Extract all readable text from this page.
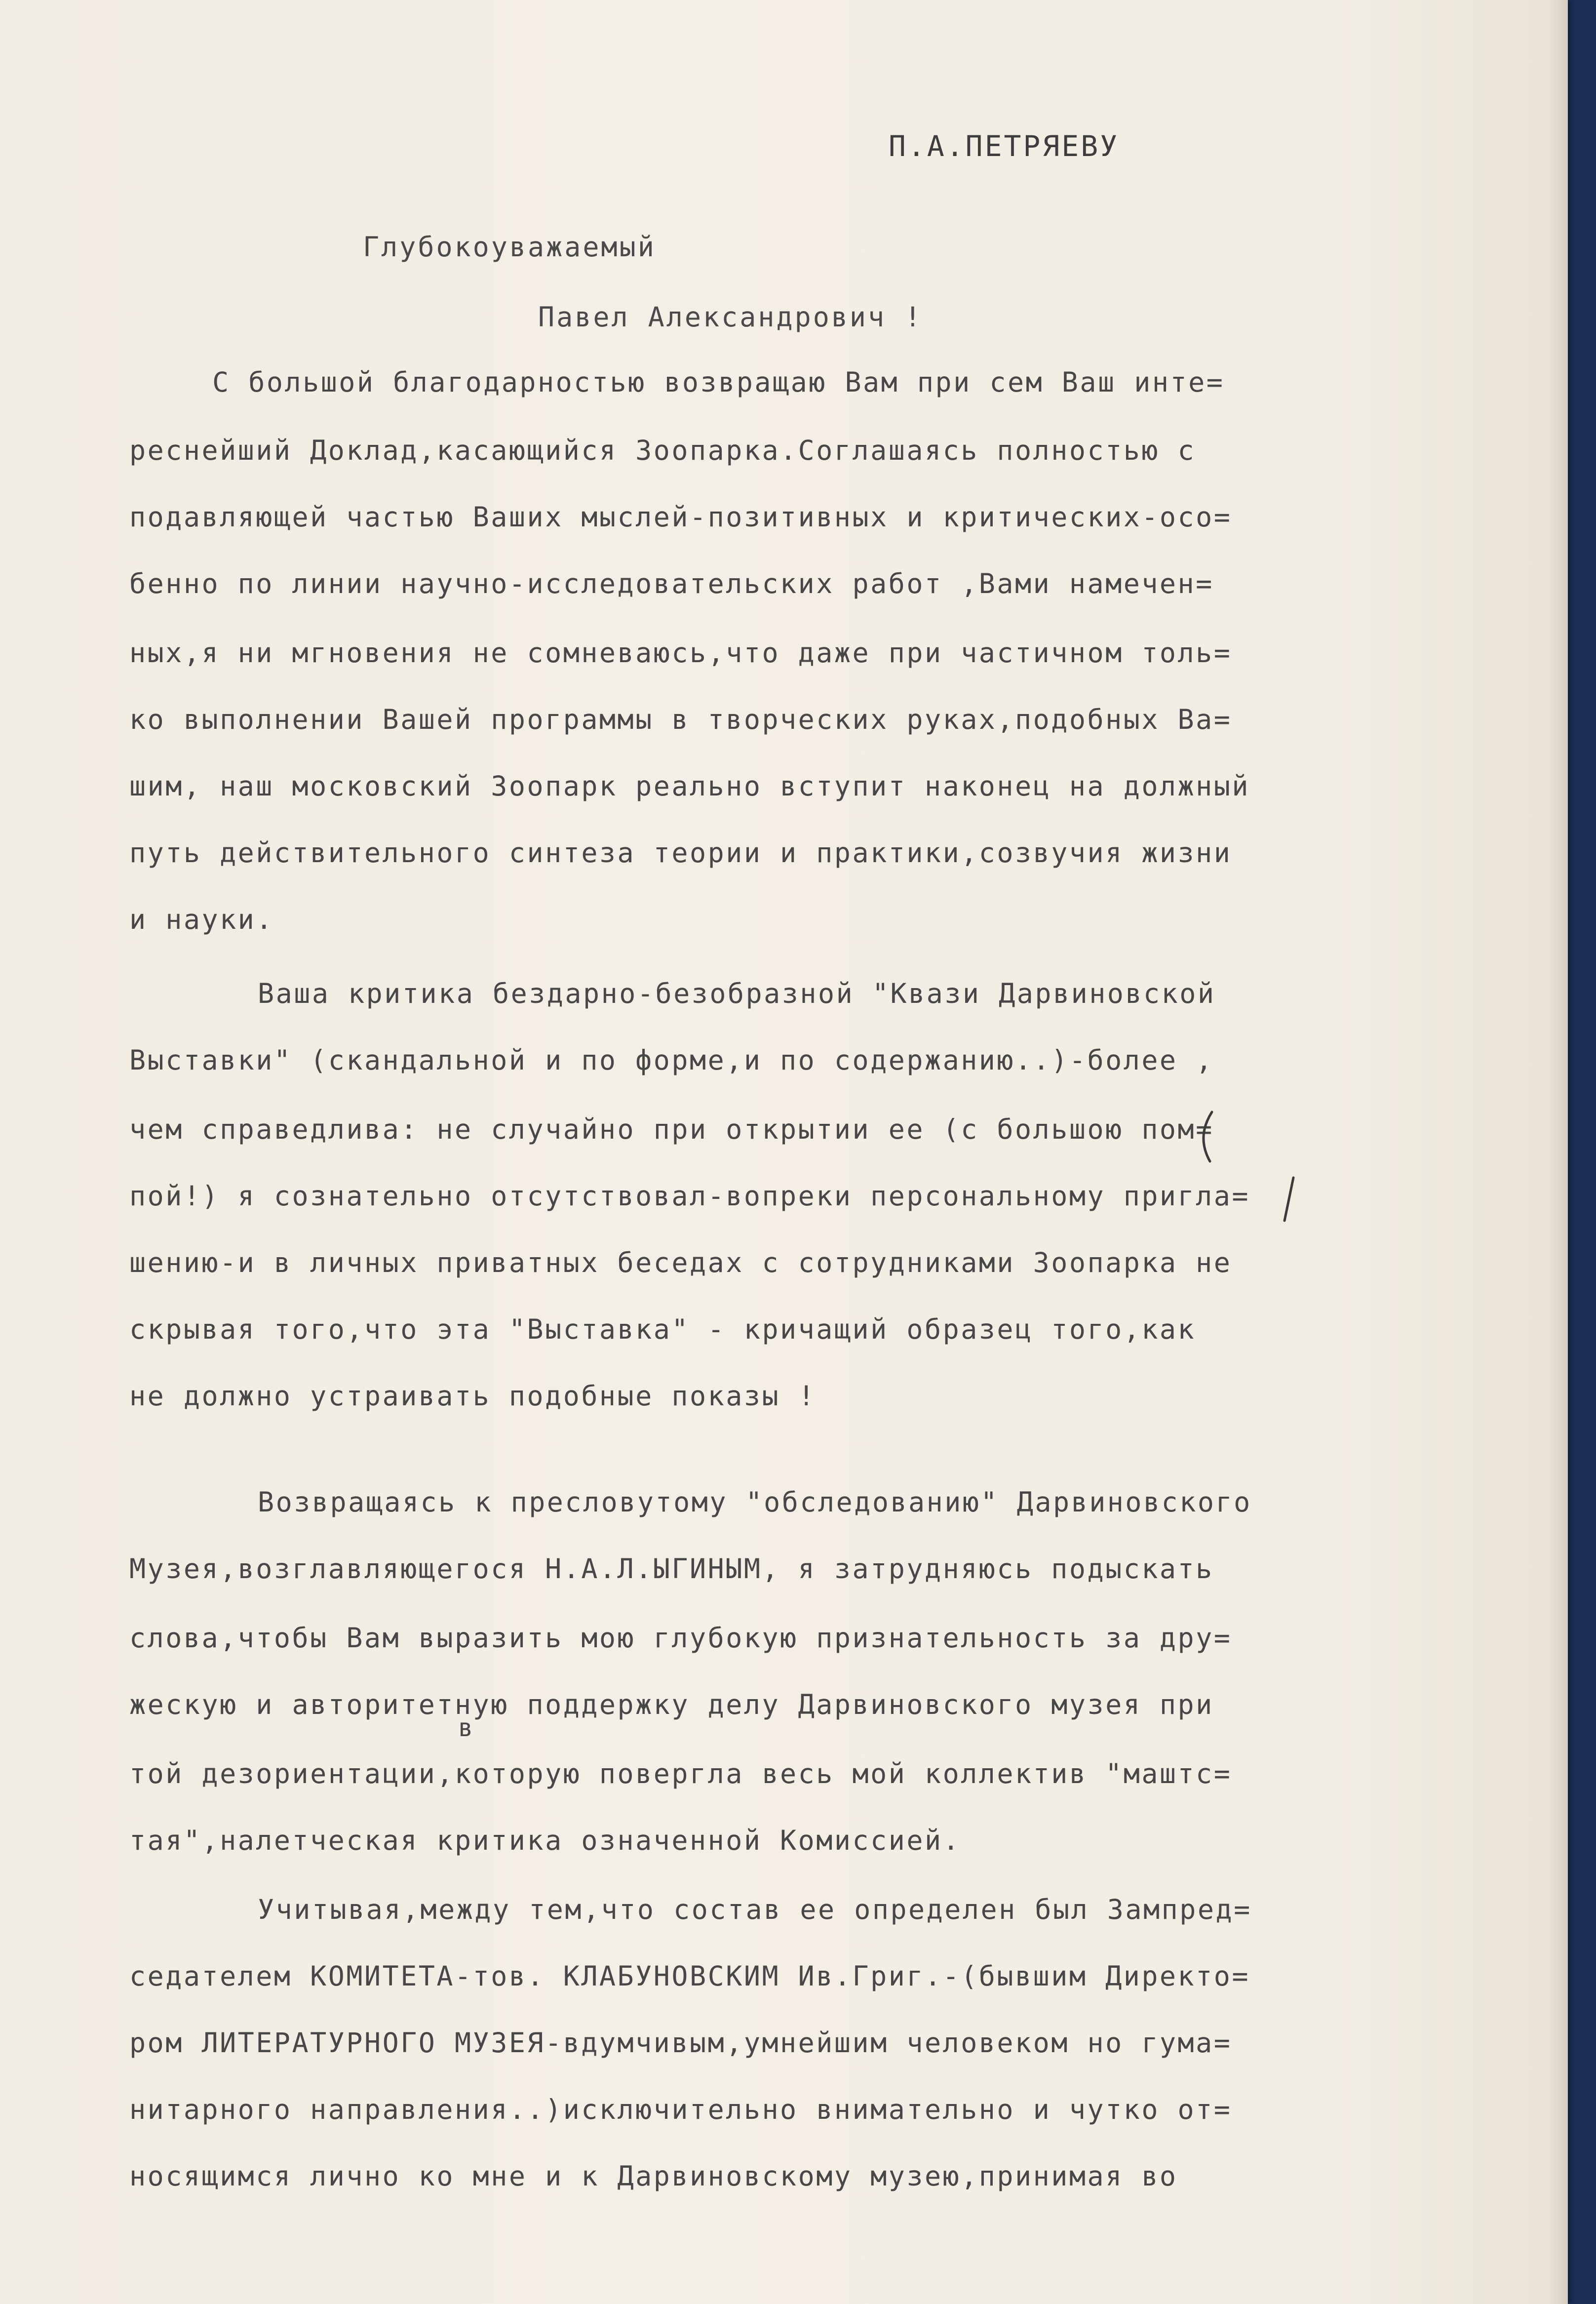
П.А.ПЕТРЯЕВУ

Глубокоуважаемый

Павел Александрович !

С большой благодарностью возвращаю Вам при сем Ваш инте=

реснейший Доклад,касающийся Зоопарка.Соглашаясь полностью с

подавляющей частью Ваших мыслей-позитивных и критических-осо=

бенно по линии научно-исследовательских работ ,Вами намечен=

ных,я ни мгновения не сомневаюсь,что даже при частичном толь=

ко выполнении Вашей программы в творческих руках,подобных Ва=

шим, наш московский Зоопарк реально вступит наконец на должный

путь действительного синтеза теории и практики,созвучия жизни

и науки.

Ваша критика бездарно-безобразной "Квази Дарвиновской

Выставки" (скандальной и по форме,и по содержанию..)-более ,

чем справедлива: не случайно при открытии ее (с большою пом=

пой!) я сознательно отсутствовал-вопреки персональному пригла=

шению-и в личных приватных беседах с сотрудниками Зоопарка не

скрывая того,что эта "Выставка" - кричащий образец того,как

не должно устраивать подобные показы !

Возвращаясь к пресловутому "обследованию" Дарвиновского

Музея,возглавляющегося Н.А.Л.ЫГИНЫМ, я затрудняюсь подыскать

слова,чтобы Вам выразить мою глубокую признательность за дру=

жескую и авторитетную поддержку делу Дарвиновского музея при

той дезориентации,которую повергла весь мой коллектив "маштс=

тая",налетческая критика означенной Комиссией.

Учитывая,между тем,что состав ее определен был Зампред=

седателем КОМИТЕТА-тов. КЛАБУНОВСКИМ Ив.Григ.-(бывшим Директо=

ром ЛИТЕРАТУРНОГО МУЗЕЯ-вдумчивым,умнейшим человеком но гума=

нитарного направления..)исключительно внимательно и чутко от=

носящимся лично ко мне и к Дарвиновскому музею,принимая во

в
